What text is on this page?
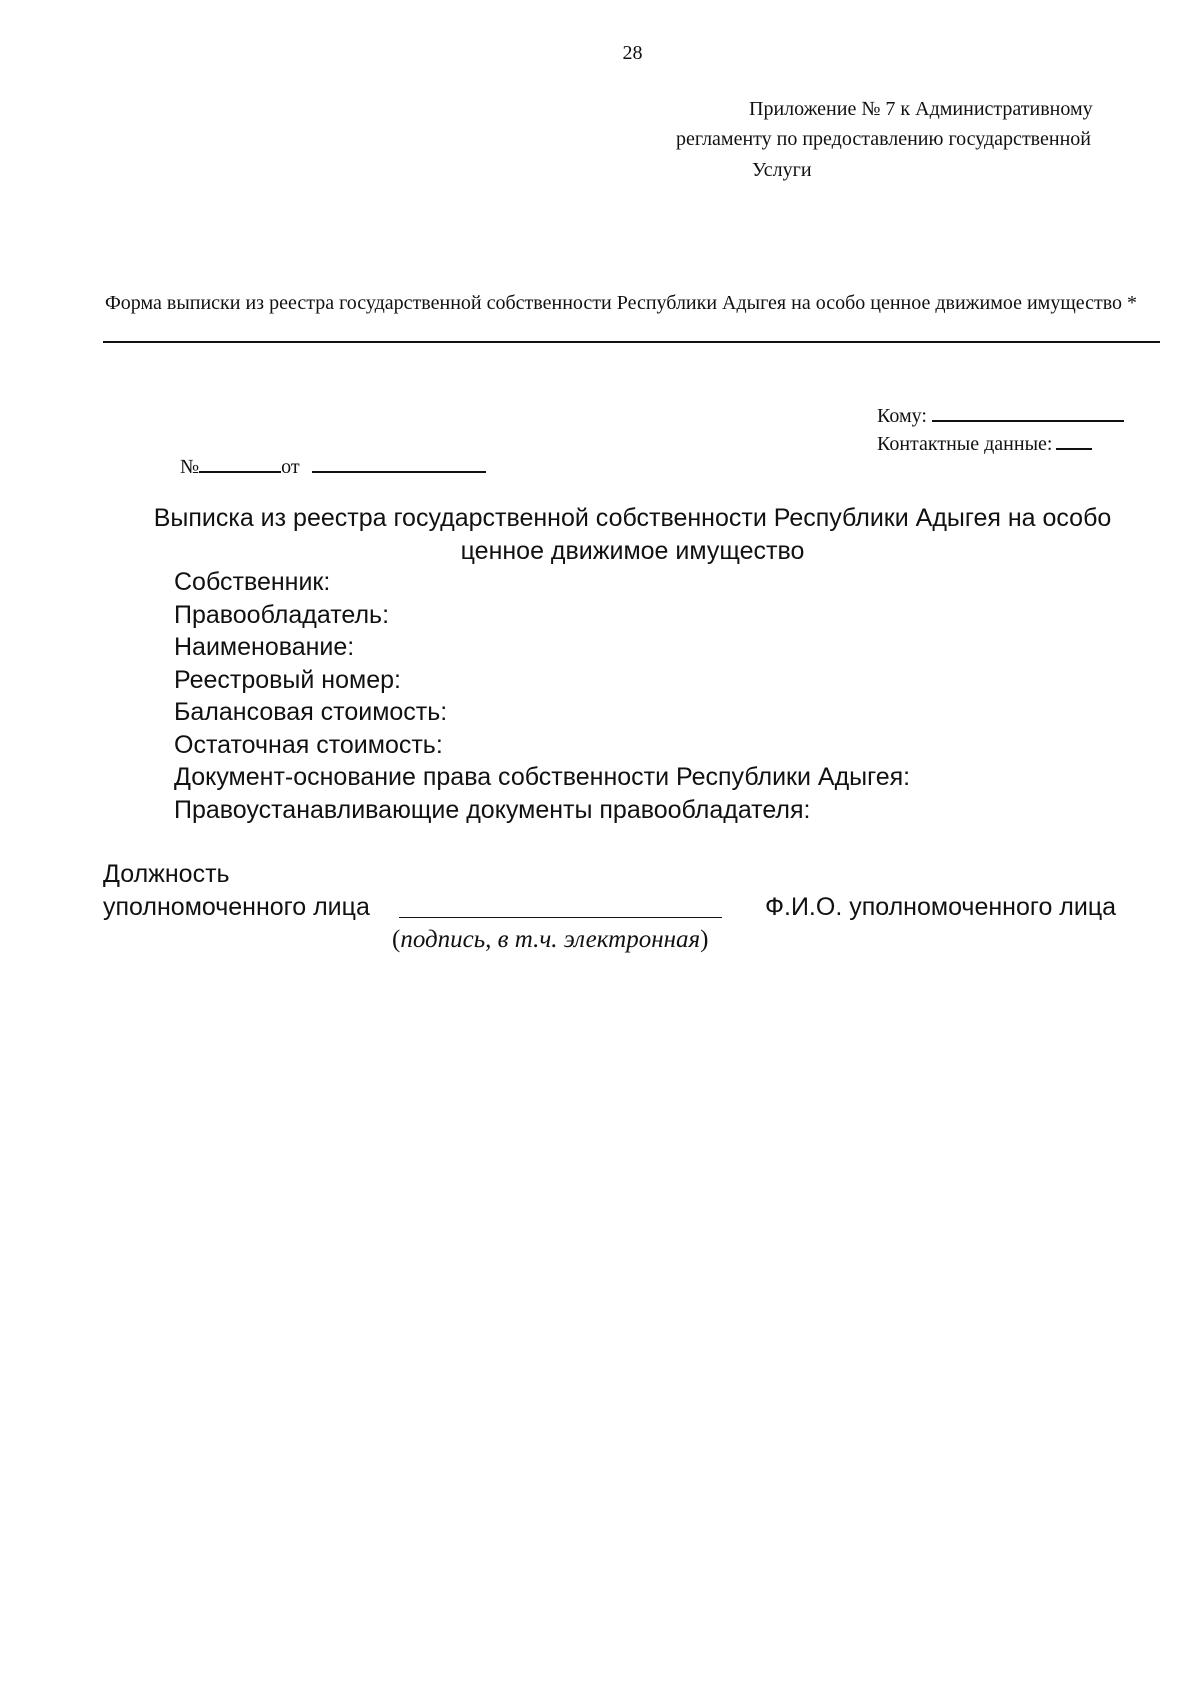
28
Приложение № 7 к Административному
регламенту по предоставлению государственной
Услуги
Форма выписки из реестра государственной собственности Республики Адыгея на особо ценное движимое имущество *
Кому:
Контактные данные:
№	от
Выписка из реестра государственной собственности Республики Адыгея на особо
ценное движимое имущество
Собственник:
Правообладатель:
Наименование:
Реестровый номер:
Балансовая стоимость:
Остаточная стоимость:
Документ-основание права собственности Республики Адыгея:
Правоустанавливающие документы правообладателя:
Должность
уполномоченного лица	Ф.И.О. уполномоченного лица
(подпись, в т.ч. электронная)
